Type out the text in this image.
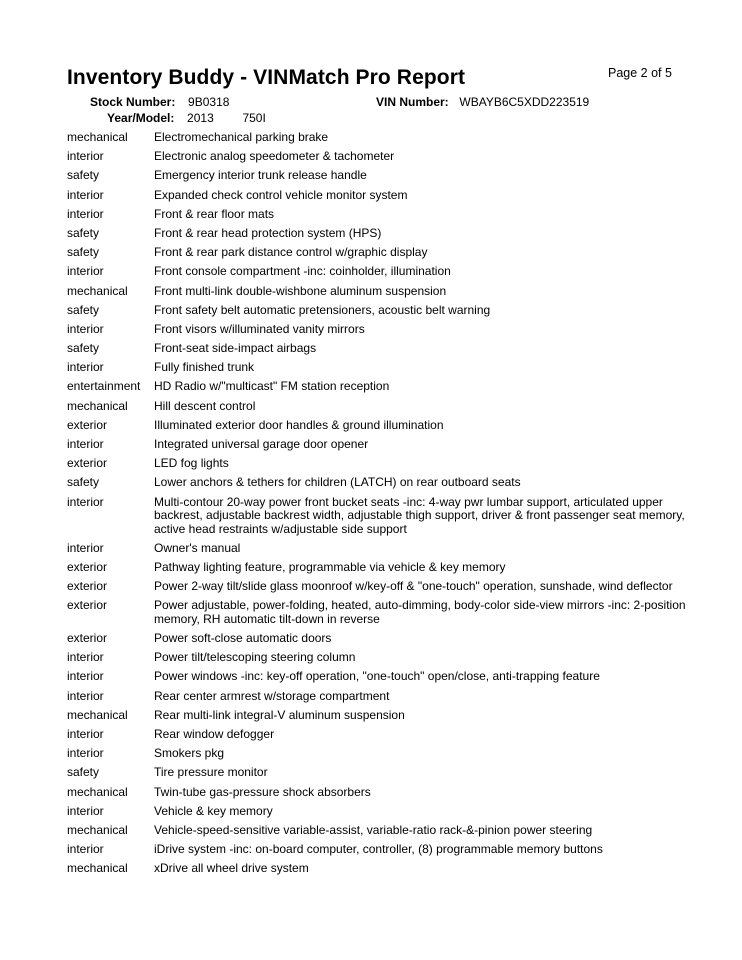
Inventory Buddy - VINMatch Pro Report	Page 2 of 5
Stock Number: 9B0318	VIN Number: WBAYB6C5XDD223519
Year/Model: 2013 750I
mechanical	Electromechanical parking brake
interior	Electronic analog speedometer & tachometer
safety	Emergency interior trunk release handle
interior	Expanded check control vehicle monitor system
interior	Front & rear floor mats
safety	Front & rear head protection system (HPS)
safety	Front & rear park distance control w/graphic display
interior	Front console compartment -inc: coinholder, illumination
mechanical	Front multi-link double-wishbone aluminum suspension
safety	Front safety belt automatic pretensioners, acoustic belt warning
interior	Front visors w/illuminated vanity mirrors
safety	Front-seat side-impact airbags
interior	Fully finished trunk
entertainment	HD Radio w/"multicast" FM station reception
mechanical	Hill descent control
exterior	Illuminated exterior door handles & ground illumination
interior	Integrated universal garage door opener
exterior	LED fog lights
safety	Lower anchors & tethers for children (LATCH) on rear outboard seats
interior	Multi-contour 20-way power front bucket seats -inc: 4-way pwr lumbar support, articulated upper backrest, adjustable backrest width, adjustable thigh support, driver & front passenger seat memory, active head restraints w/adjustable side support
interior	Owner's manual
exterior	Pathway lighting feature, programmable via vehicle & key memory
exterior	Power 2-way tilt/slide glass moonroof w/key-off & "one-touch" operation, sunshade, wind deflector
exterior	Power adjustable, power-folding, heated, auto-dimming, body-color side-view mirrors -inc: 2-position memory, RH automatic tilt-down in reverse
exterior	Power soft-close automatic doors
interior	Power tilt/telescoping steering column
interior	Power windows -inc: key-off operation, "one-touch" open/close, anti-trapping feature
interior	Rear center armrest w/storage compartment
mechanical	Rear multi-link integral-V aluminum suspension
interior	Rear window defogger
interior	Smokers pkg
safety	Tire pressure monitor
mechanical	Twin-tube gas-pressure shock absorbers
interior	Vehicle & key memory
mechanical	Vehicle-speed-sensitive variable-assist, variable-ratio rack-&-pinion power steering
interior	iDrive system -inc: on-board computer, controller, (8) programmable memory buttons
mechanical	xDrive all wheel drive system
